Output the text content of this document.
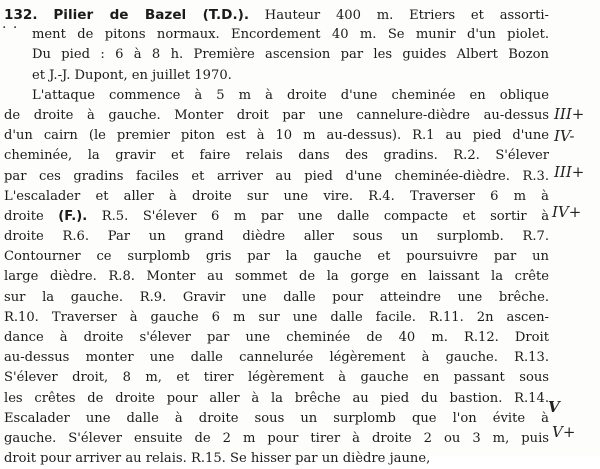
· ·
132. Pilier de Bazel (T.D.). Hauteur 400 m. Etriers et assorti-
ment de pitons normaux. Encordement 40 m. Se munir d'un piolet.
Du pied : 6 à 8 h. Première ascension par les guides Albert Bozon
et J.-J. Dupont, en juillet 1970.
L'attaque commence à 5 m à droite d'une cheminée en oblique
de droite à gauche. Monter droit par une cannelure-dièdre au-dessus
d'un cairn (le premier piton est à 10 m au-dessus). R.1 au pied d'une
cheminée, la gravir et faire relais dans des gradins. R.2. S'élever
par ces gradins faciles et arriver au pied d'une cheminée-dièdre. R.3.
L'escalader et aller à droite sur une vire. R.4. Traverser 6 m à
droite (F.). R.5. S'élever 6 m par une dalle compacte et sortir à
droite R.6. Par un grand dièdre aller sous un surplomb. R.7.
Contourner ce surplomb gris par la gauche et poursuivre par un
large dièdre. R.8. Monter au sommet de la gorge en laissant la crête
sur la gauche. R.9. Gravir une dalle pour atteindre une brêche.
R.10. Traverser à gauche 6 m sur une dalle facile. R.11. 2n ascen-
dance à droite s'élever par une cheminée de 40 m. R.12. Droit
au-dessus monter une dalle cannelurée légèrement à gauche. R.13.
S'élever droit, 8 m, et tirer légèrement à gauche en passant sous
les crêtes de droite pour aller à la brêche au pied du bastion. R.14.
Escalader une dalle à droite sous un surplomb que l'on évite à
gauche. S'élever ensuite de 2 m pour tirer à droite 2 ou 3 m, puis
droit pour arriver au relais. R.15. Se hisser par un dièdre jaune,
III+
IV-
III+
IV+
V
V+
